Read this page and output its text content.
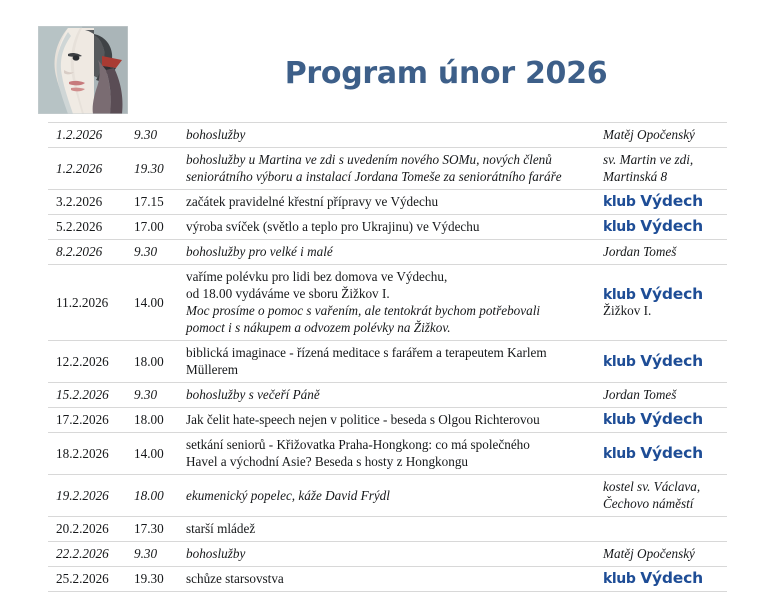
Program únor 2026
1.2.2026	9.30	bohoslužby	Matěj Opočenský

1.2.2026	19.30	bohoslužby u Martina ve zdi s uvedením nového SOMu, nových členů
seniorátního výboru a instalací Jordana Tomeše za seniorátního faráře	sv. Martin ve zdi,
Martinská 8

3.2.2026	17.15	začátek pravidelné křestní přípravy ve Výdechu	klub Výdech
5.2.2026	17.00	výroba svíček (světlo a teplo pro Ukrajinu) ve Výdechu	klub Výdech
8.2.2026	9.30	bohoslužby pro velké i malé	Jordan Tomeš

11.2.2026	14.00	vaříme polévku pro lidi bez domova ve Výdechu,
od 18.00 vydáváme ve sboru Žižkov I.
Moc prosíme o pomoc s vařením, ale tentokrát bychom potřebovali
pomoct i s nákupem a odvozem polévky na Žižkov.	klub Výdech
Žižkov I.

12.2.2026	18.00	biblická imaginace - řízená meditace s farářem a terapeutem Karlem Müllerem	klub Výdech
15.2.2026	9.30	bohoslužby s večeří Páně	Jordan Tomeš

17.2.2026	18.00	Jak čelit hate-speech nejen v politice - beseda s Olgou Richterovou	klub Výdech
18.2.2026	14.00	setkání seniorů - Křižovatka Praha-Hongkong: co má společného
Havel a východní Asie? Beseda s hosty z Hongkongu	klub Výdech
19.2.2026	18.00	ekumenický popelec, káže David Frýdl	kostel sv. Václava,
Čechovo náměstí

20.2.2026	17.30	starší mládež	

22.2.2026	9.30	bohoslužby	Matěj Opočenský

25.2.2026	19.30	schůze starsovstva	klub Výdech
